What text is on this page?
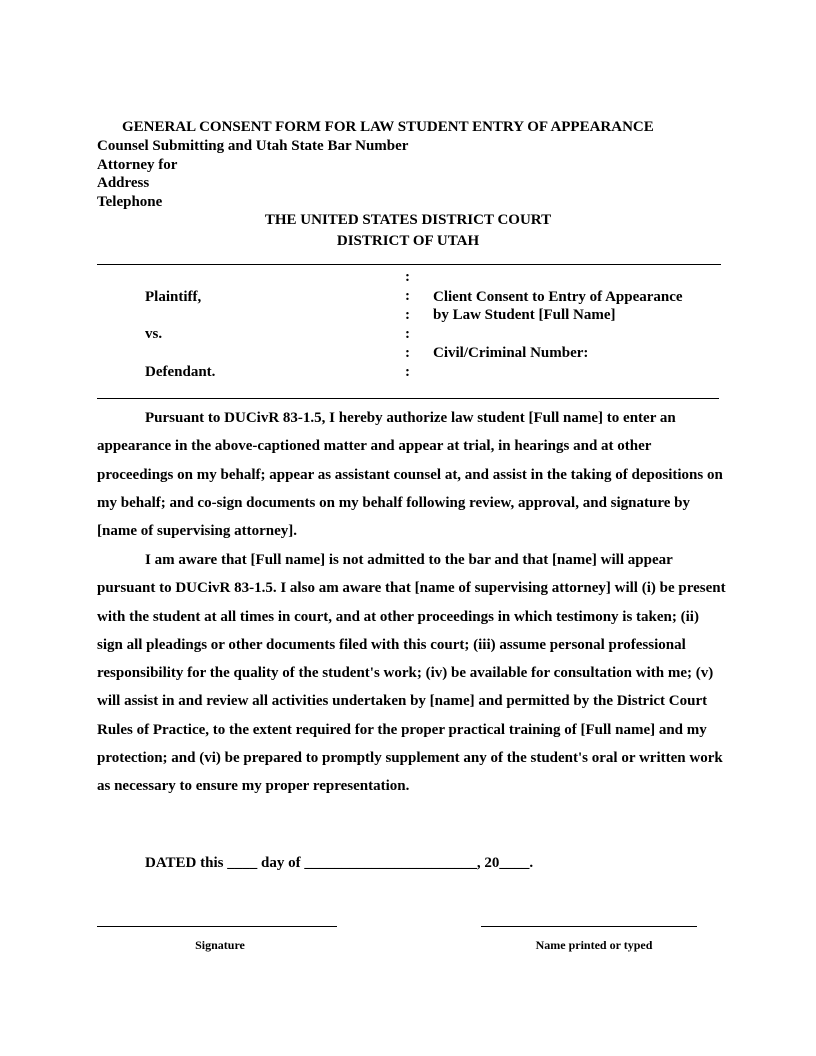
GENERAL CONSENT FORM FOR LAW STUDENT ENTRY OF APPEARANCE
Counsel Submitting and Utah State Bar Number
Attorney for
Address
Telephone
THE UNITED STATES DISTRICT COURT
DISTRICT OF UTAH
:
:
:
:
:
:
Plaintiff,
vs.
Defendant.
Client Consent to Entry of Appearance
by Law Student [Full Name]
Civil/Criminal Number:
Pursuant to DUCivR 83-1.5, I hereby authorize law student [Full name] to enter an appearance in the above-captioned matter and appear at trial, in hearings and at other proceedings on my behalf; appear as assistant counsel at, and assist in the taking of depositions on my behalf; and co-sign documents on my behalf following review, approval, and signature by [name of supervising attorney].
I am aware that [Full name] is not admitted to the bar and that [name] will appear pursuant to DUCivR 83-1.5. I also am aware that [name of supervising attorney] will (i) be present with the student at all times in court, and at other proceedings in which testimony is taken; (ii) sign all pleadings or other documents filed with this court; (iii) assume personal professional responsibility for the quality of the student's work; (iv) be available for consultation with me; (v) will assist in and review all activities undertaken by [name] and permitted by the District Court Rules of Practice, to the extent required for the proper practical training of [Full name] and my protection; and (vi) be prepared to promptly supplement any of the student's oral or written work as necessary to ensure my proper representation.
DATED this ____ day of _______________________, 20____.
Signature	Name printed or typed
